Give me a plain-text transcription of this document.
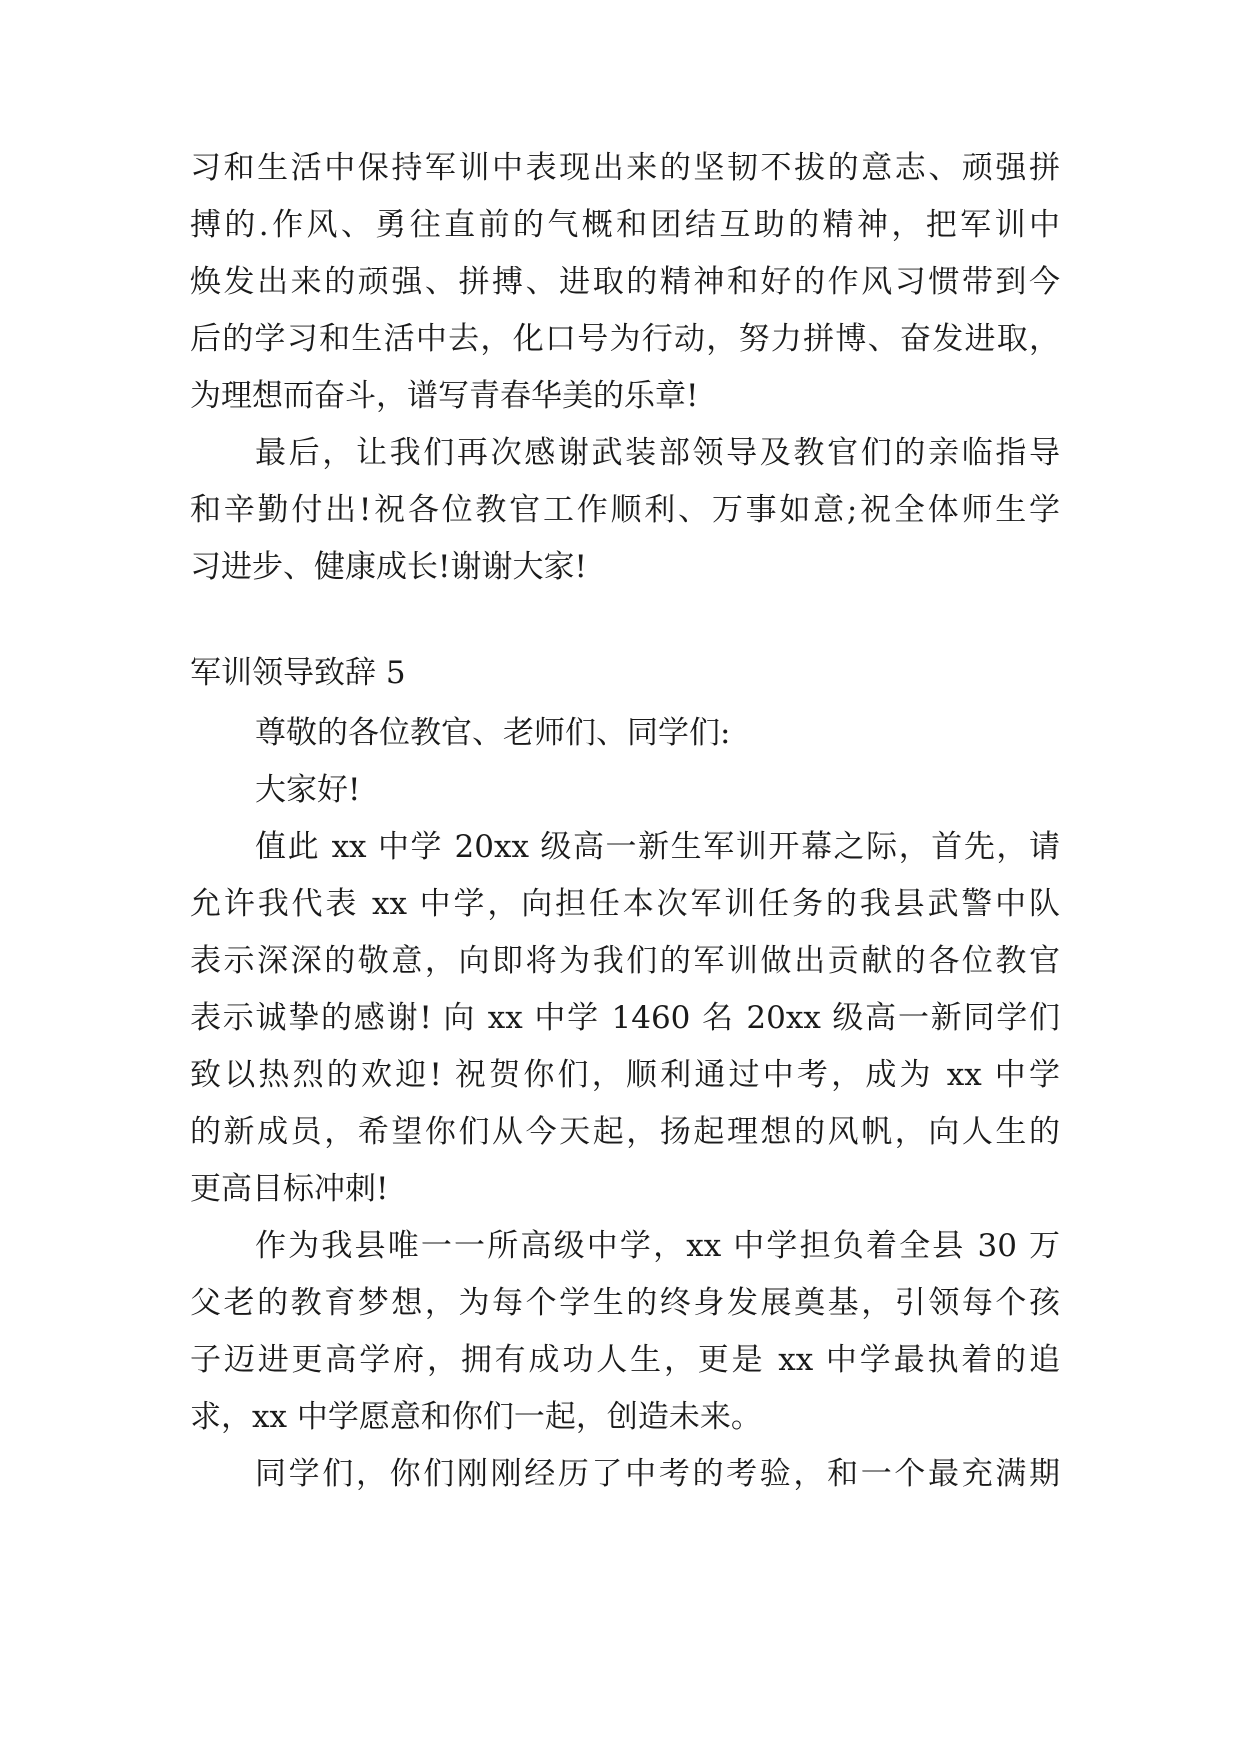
习和生活中保持军训中表现出来的坚韧不拔的意志、顽强拼
搏的.作风、勇往直前的气概和团结互助的精神，把军训中
焕发出来的顽强、拼搏、进取的精神和好的作风习惯带到今
后的学习和生活中去，化口号为行动，努力拼博、奋发进取，
为理想而奋斗，谱写青春华美的乐章!
最后，让我们再次感谢武装部领导及教官们的亲临指导
和辛勤付出!祝各位教官工作顺利、万事如意;祝全体师生学
习进步、健康成长!谢谢大家!
军训领导致辞 5
尊敬的各位教官、老师们、同学们:
大家好!
值此 xx 中学 20xx 级高一新生军训开幕之际，首先，请
允许我代表 xx 中学，向担任本次军训任务的我县武警中队
表示深深的敬意，向即将为我们的军训做出贡献的各位教官
表示诚挚的感谢! 向 xx 中学 1460 名 20xx 级高一新同学们
致以热烈的欢迎! 祝贺你们，顺利通过中考，成为 xx 中学
的新成员，希望你们从今天起，扬起理想的风帆，向人生的
更高目标冲刺!
作为我县唯一一所高级中学，xx 中学担负着全县 30 万
父老的教育梦想，为每个学生的终身发展奠基，引领每个孩
子迈进更高学府，拥有成功人生，更是 xx 中学最执着的追
求，xx 中学愿意和你们一起，创造未来。
同学们，你们刚刚经历了中考的考验，和一个最充满期
